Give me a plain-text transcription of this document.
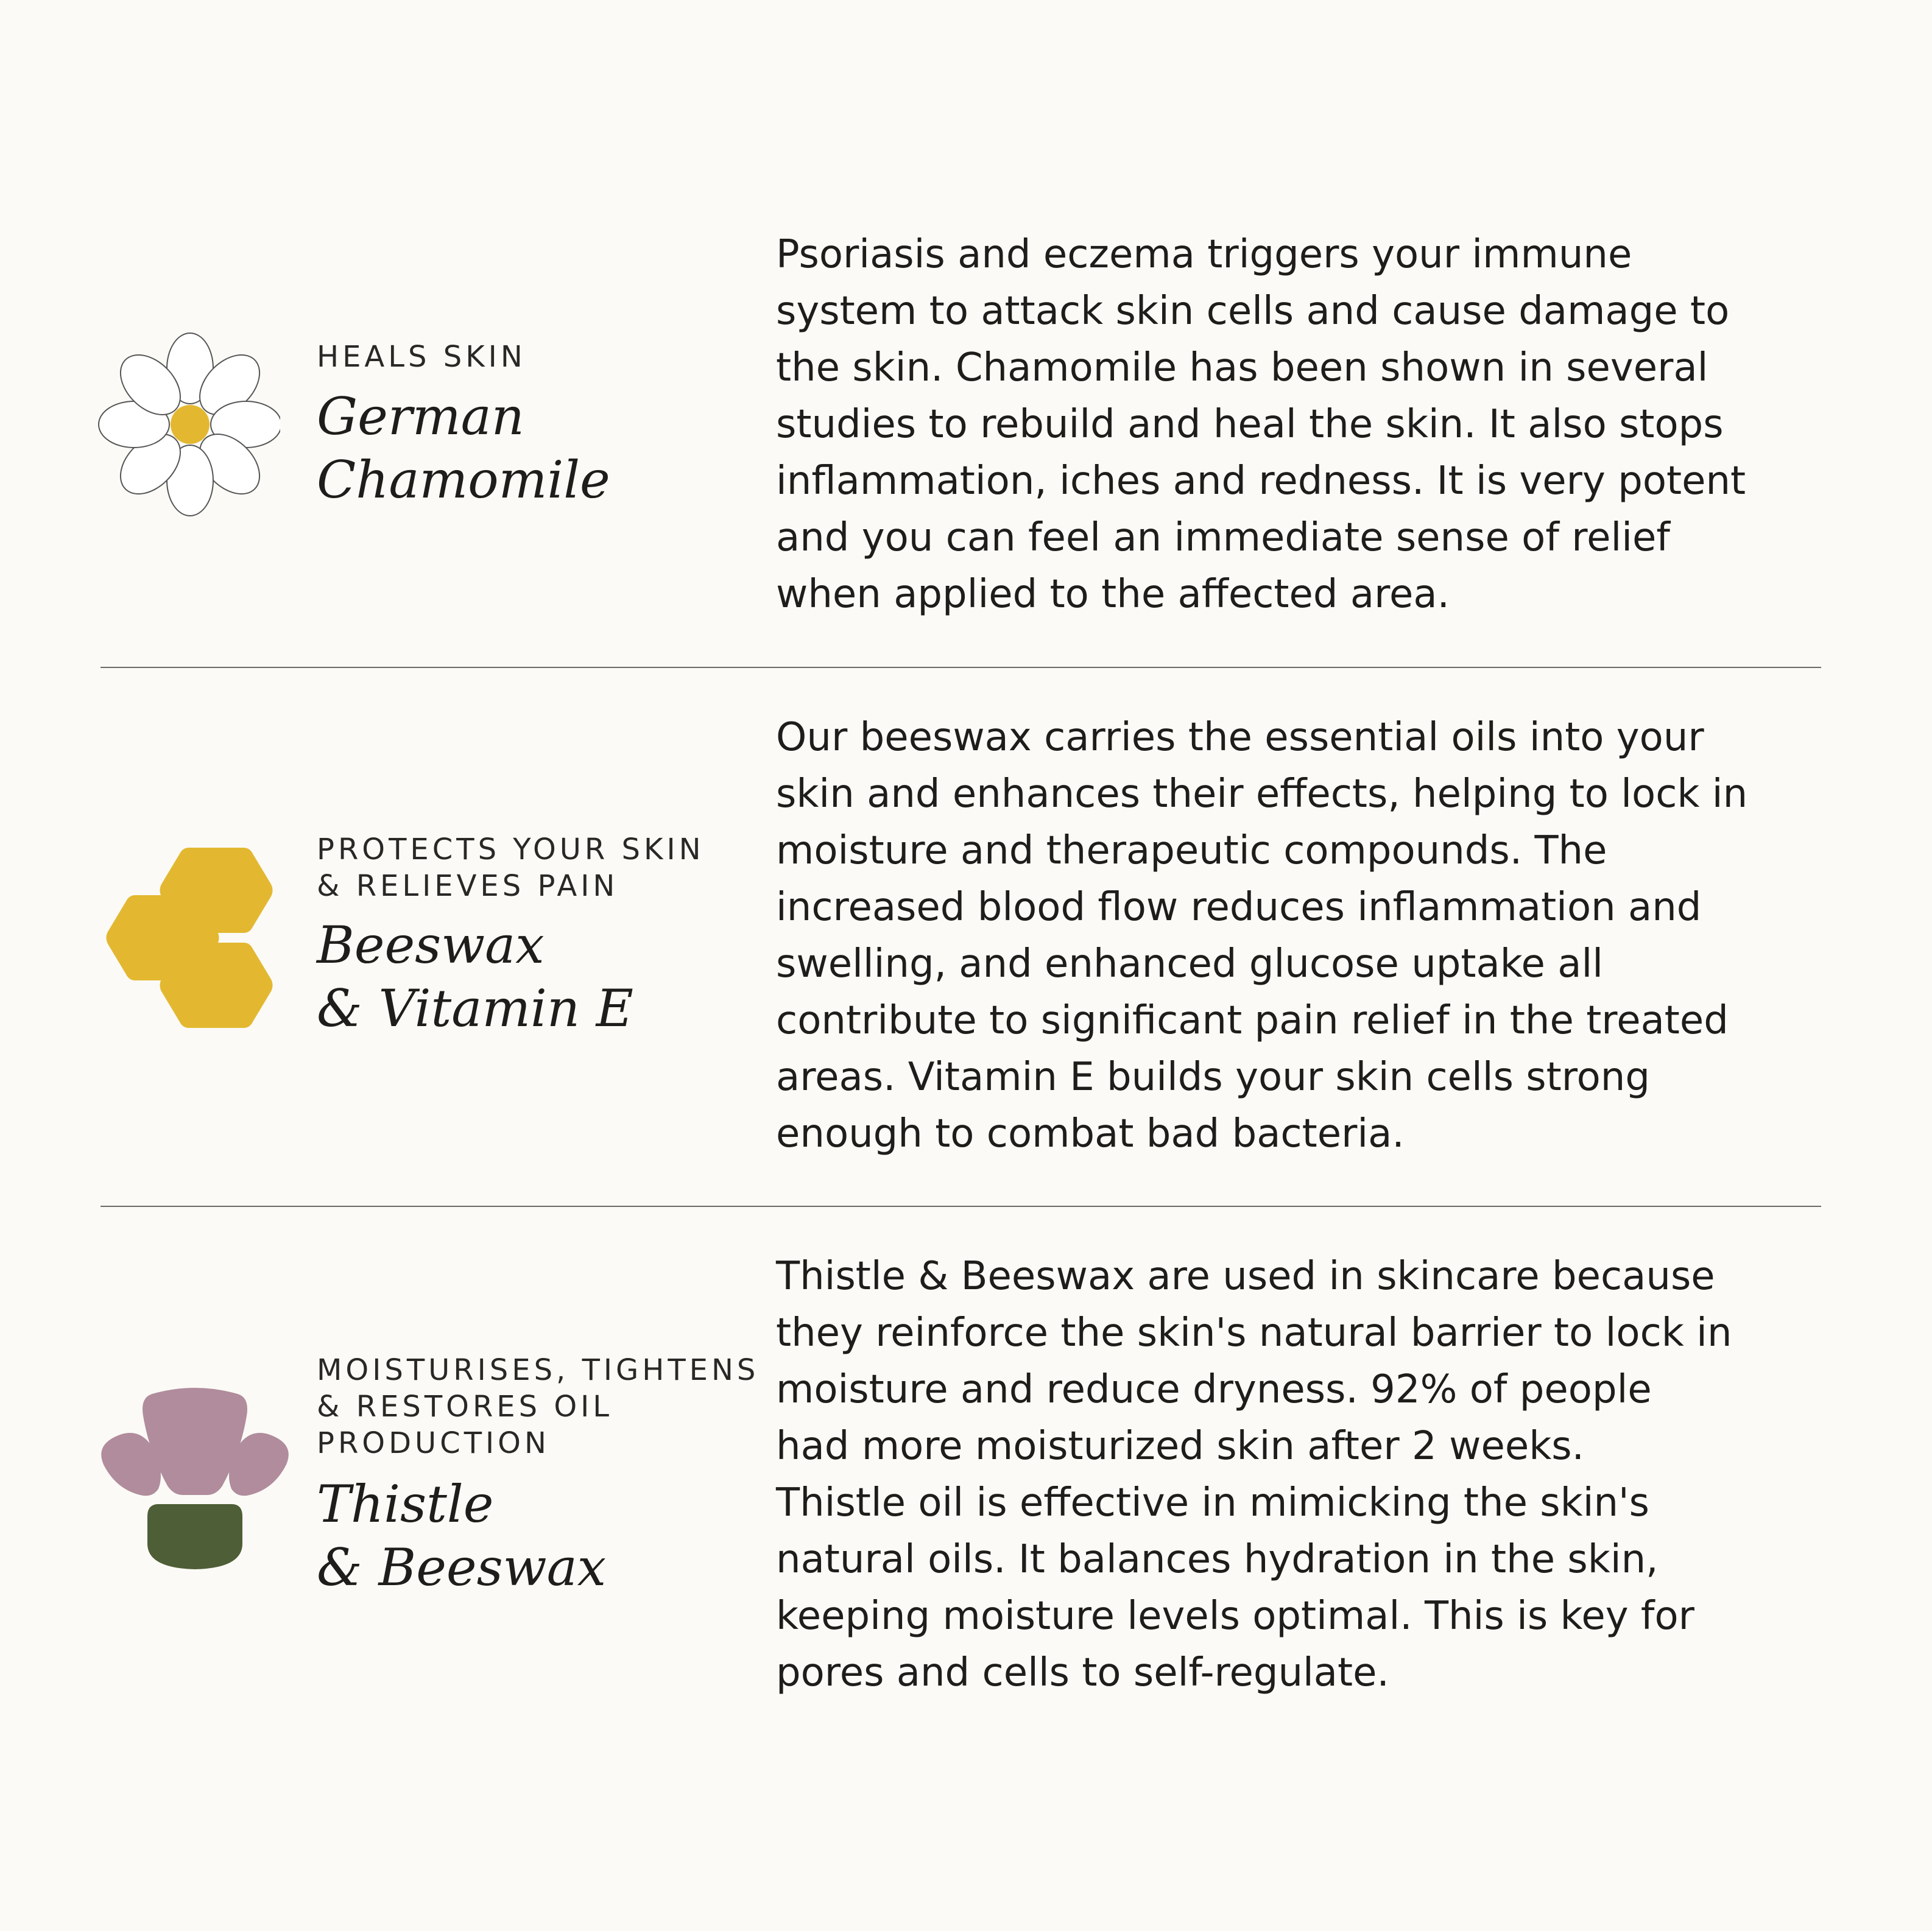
HEALS SKIN
German
Chamomile
Psoriasis and eczema triggers your immune
system to attack skin cells and cause damage to
the skin. Chamomile has been shown in several
studies to rebuild and heal the skin. It also stops
inflammation, iches and redness. It is very potent
and you can feel an immediate sense of relief
when applied to the affected area.
PROTECTS YOUR SKIN
& RELIEVES PAIN
Beeswax
& Vitamin E
Our beeswax carries the essential oils into your
skin and enhances their effects, helping to lock in
moisture and therapeutic compounds. The
increased blood flow reduces inflammation and
swelling, and enhanced glucose uptake all
contribute to significant pain relief in the treated
areas. Vitamin E builds your skin cells strong
enough to combat bad bacteria.
MOISTURISES, TIGHTENS
& RESTORES OIL
PRODUCTION
Thistle
& Beeswax
Thistle & Beeswax are used in skincare because
they reinforce the skin's natural barrier to lock in
moisture and reduce dryness. 92% of people
had more moisturized skin after 2 weeks.
Thistle oil is effective in mimicking the skin's
natural oils. It balances hydration in the skin,
keeping moisture levels optimal. This is key for
pores and cells to self-regulate.
